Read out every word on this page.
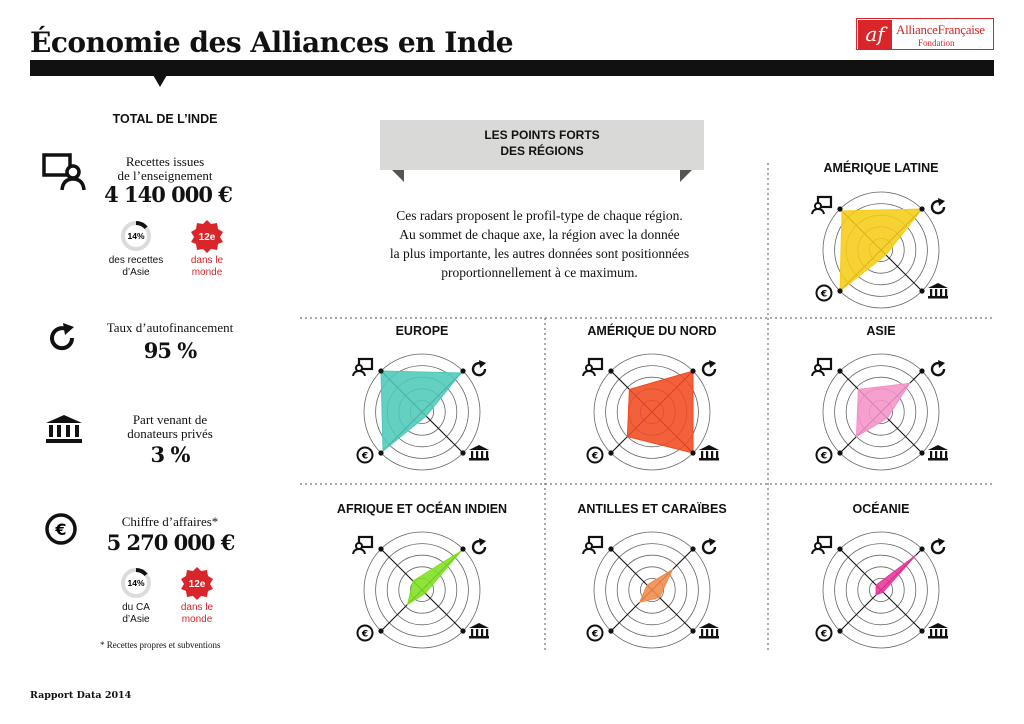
Économie des Alliances en Inde	af AllianceFrançaise
Fondation
TOTAL DE L’INDE
Recettes issues
de l’enseignement
4 140 000 €
14%
des recettes
d’Asie
12e
dans le
monde
Taux d’autofinancement
95 %
Part venant de
donateurs privés
3 %
€	Chiffre d’affaires*
5 270 000 €
14%
du CA
d’Asie
12e
dans le
monde
* Recettes propres et subventions
LES POINTS FORTS
DES RÉGIONS
Ces radars proposent le profil-type de chaque région.
Au sommet de chaque axe, la région avec la donnée
la plus importante, les autres données sont positionnées
proportionnellement à ce maximum.
€
AMÉRIQUE LATINE
€
EUROPE
€
AMÉRIQUE DU NORD
€
ASIE
€
AFRIQUE ET OCÉAN INDIEN
€
ANTILLES ET CARAÏBES
€
OCÉANIE
Rapport Data 2014
